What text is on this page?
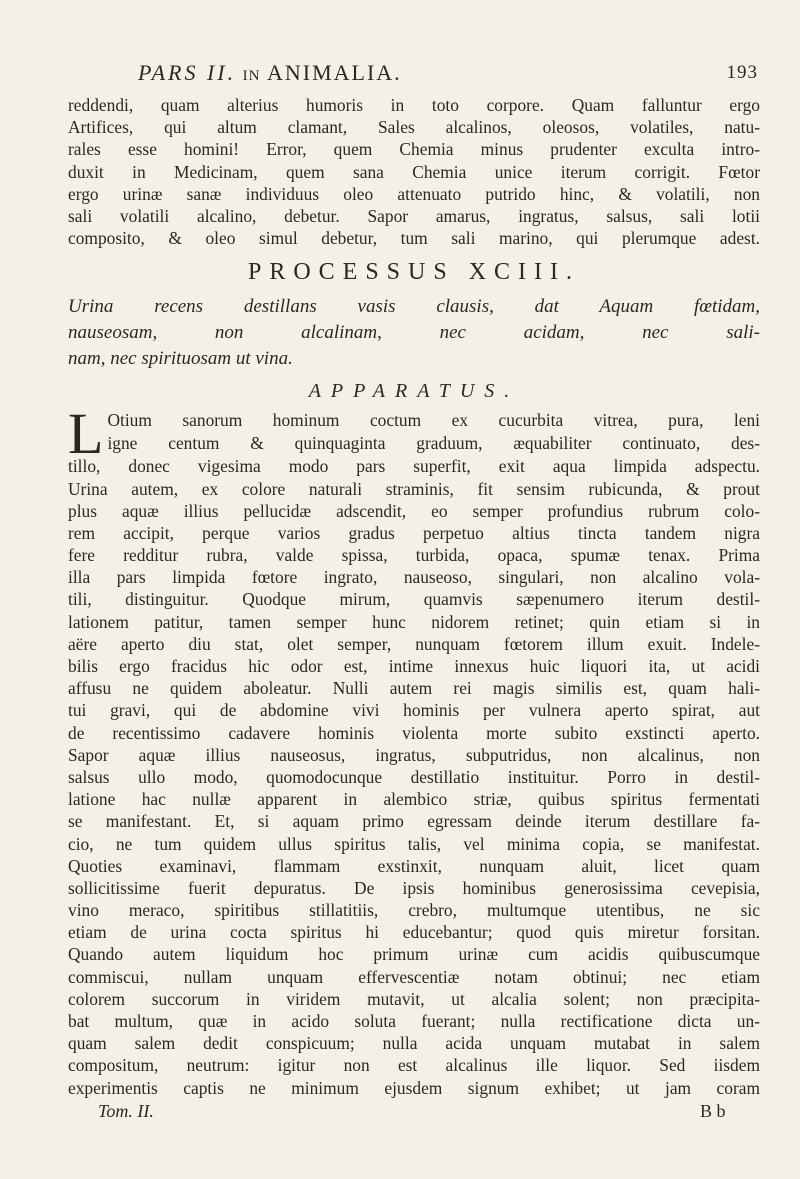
PARS II. IN ANIMALIA.	193
reddendi, quam alterius humoris in toto corpore. Quam falluntur ergo
Artifices, qui altum clamant, Sales alcalinos, oleosos, volatiles, natu-
rales esse homini! Error, quem Chemia minus prudenter exculta intro-
duxit in Medicinam, quem sana Chemia unice iterum corrigit. Fœtor
ergo urinæ sanæ individuus oleo attenuato putrido hinc, & volatili, non
sali volatili alcalino, debetur. Sapor amarus, ingratus, salsus, sali lotii
composito, & oleo simul debetur, tum sali marino, qui plerumque adest.
PROCESSUS XCIII.
Urina recens destillans vasis clausis, dat Aquam fœtidam,
nauseosam, non alcalinam, nec acidam, nec sali-
nam, nec spirituosam ut vina.
APPARATUS.
L Otium sanorum hominum coctum ex cucurbita vitrea, pura, leni
igne centum & quinquaginta graduum, æquabiliter continuato, des-
tillo, donec vigesima modo pars superfit, exit aqua limpida adspectu.
Urina autem, ex colore naturali straminis, fit sensim rubicunda, & prout
plus aquæ illius pellucidæ adscendit, eo semper profundius rubrum colo-
rem accipit, perque varios gradus perpetuo altius tincta tandem nigra
fere redditur rubra, valde spissa, turbida, opaca, spumæ tenax. Prima
illa pars limpida fœtore ingrato, nauseoso, singulari, non alcalino vola-
tili, distinguitur. Quodque mirum, quamvis sæpenumero iterum destil-
lationem patitur, tamen semper hunc nidorem retinet; quin etiam si in
aëre aperto diu stat, olet semper, nunquam fœtorem illum exuit. Indele-
bilis ergo fracidus hic odor est, intime innexus huic liquori ita, ut acidi
affusu ne quidem aboleatur. Nulli autem rei magis similis est, quam hali-
tui gravi, qui de abdomine vivi hominis per vulnera aperto spirat, aut
de recentissimo cadavere hominis violenta morte subito exstincti aperto.
Sapor aquæ illius nauseosus, ingratus, subputridus, non alcalinus, non
salsus ullo modo, quomodocunque destillatio instituitur. Porro in destil-
latione hac nullæ apparent in alembico striæ, quibus spiritus fermentati
se manifestant. Et, si aquam primo egressam deinde iterum destillare fa-
cio, ne tum quidem ullus spiritus talis, vel minima copia, se manifestat.
Quoties examinavi, flammam exstinxit, nunquam aluit, licet quam
sollicitissime fuerit depuratus. De ipsis hominibus generosissima cevерisia,
vino meraco, spiritibus stillatitiis, crebro, multumque utentibus, ne sic
etiam de urina cocta spiritus hi educebantur; quod quis miretur forsitan.
Quando autem liquidum hoc primum urinæ cum acidis quibuscumque
commiscui, nullam unquam effervescentiæ notam obtinui; nec etiam
colorem succorum in viridem mutavit, ut alcalia solent; non præcipita-
bat multum, quæ in acido soluta fuerant; nulla rectificatione dicta un-
quam salem dedit conspicuum; nulla acida unquam mutabat in salem
compositum, neutrum: igitur non est alcalinus ille liquor. Sed iisdem
experimentis captis ne minimum ejusdem signum exhibet; ut jam coram
Tom. II.	B b
